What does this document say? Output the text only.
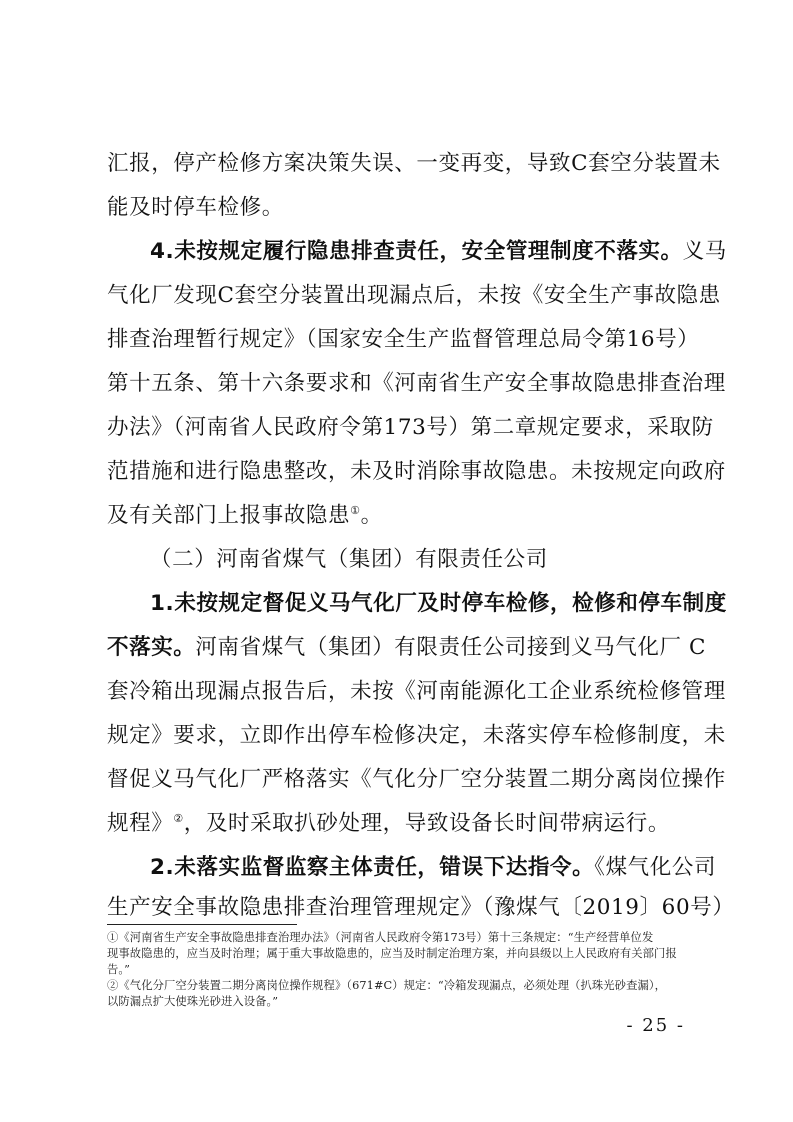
汇报，停产检修方案决策失误、一变再变，导致C套空分装置未
能及时停车检修。
4.未按规定履行隐患排查责任，安全管理制度不落实。义马
气化厂发现C套空分装置出现漏点后，未按《安全生产事故隐患
排查治理暂行规定》（国家安全生产监督管理总局令第16号）
第十五条、第十六条要求和《河南省生产安全事故隐患排查治理
办法》（河南省人民政府令第173号）第二章规定要求，采取防
范措施和进行隐患整改，未及时消除事故隐患。未按规定向政府
及有关部门上报事故隐患①。
（二）河南省煤气（集团）有限责任公司
1.未按规定督促义马气化厂及时停车检修，检修和停车制度
不落实。河南省煤气（集团）有限责任公司接到义马气化厂 C
套冷箱出现漏点报告后，未按《河南能源化工企业系统检修管理
规定》要求，立即作出停车检修决定，未落实停车检修制度，未
督促义马气化厂严格落实《气化分厂空分装置二期分离岗位操作
规程》②，及时采取扒砂处理，导致设备长时间带病运行。
2.未落实监督监察主体责任，错误下达指令。《煤气化公司
生产安全事故隐患排查治理管理规定》（豫煤气〔2019〕60号）
①《河南省生产安全事故隐患排查治理办法》（河南省人民政府令第173号）第十三条规定：“生产经营单位发
现事故隐患的，应当及时治理；属于重大事故隐患的，应当及时制定治理方案，并向县级以上人民政府有关部门报
告。”
②《气化分厂空分装置二期分离岗位操作规程》（671#C）规定：“冷箱发现漏点，必须处理（扒珠光砂查漏），
以防漏点扩大使珠光砂进入设备。”
- 25 -
